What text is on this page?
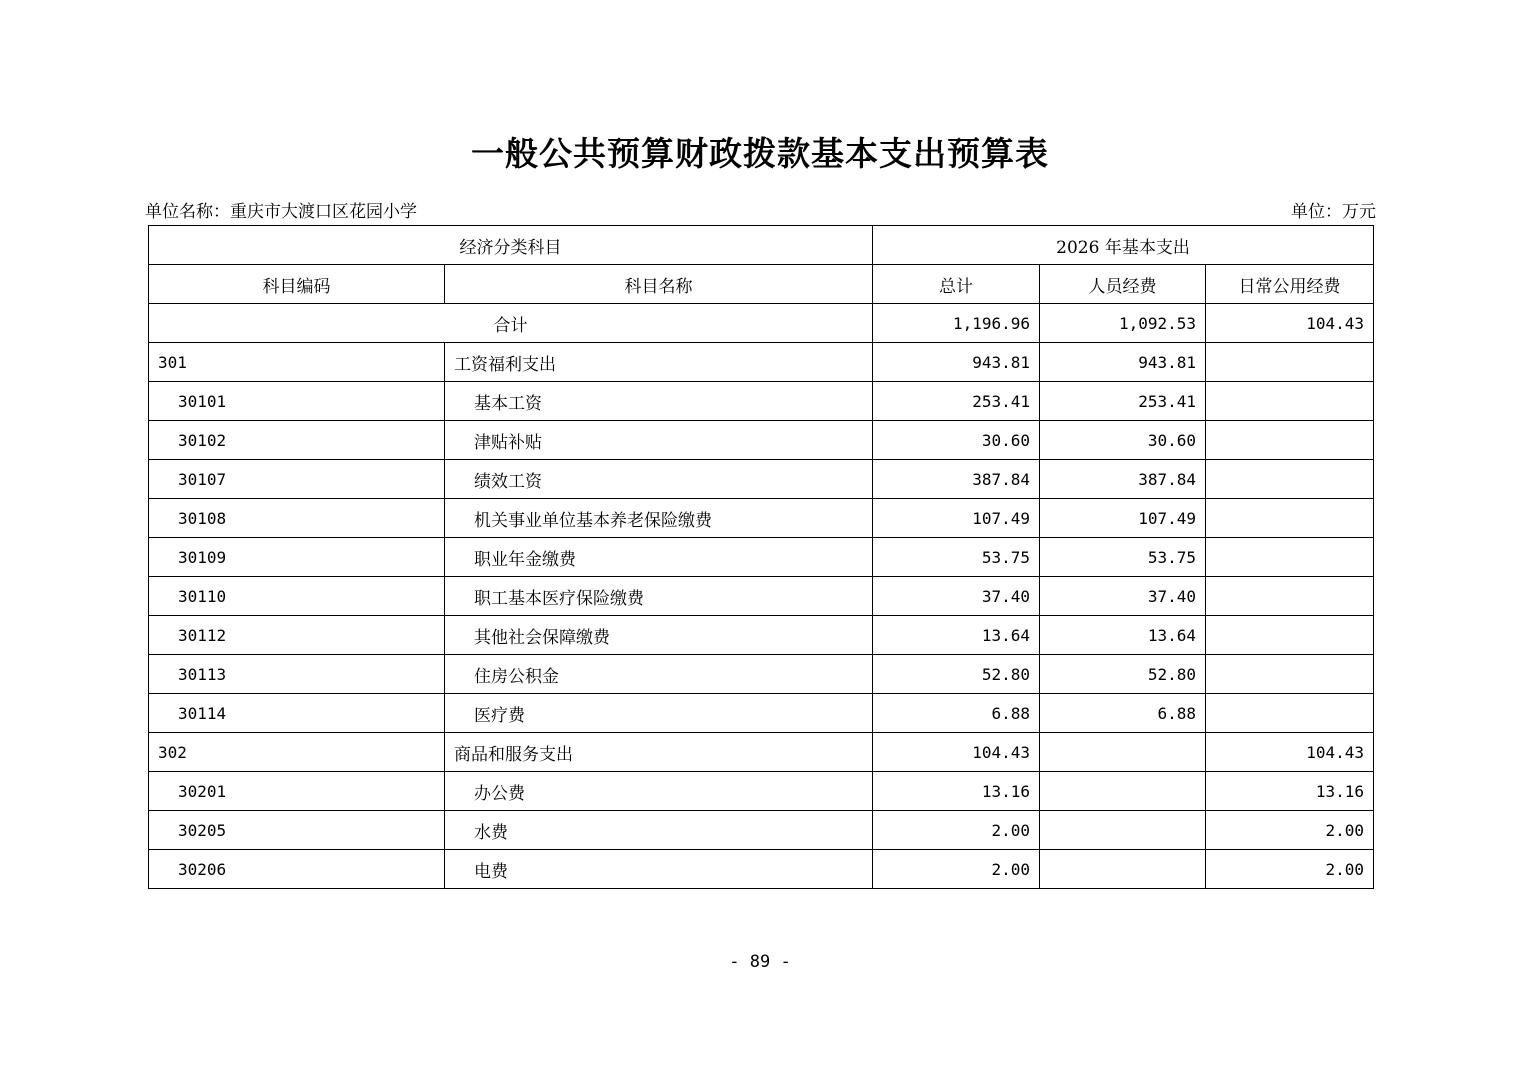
一般公共预算财政拨款基本支出预算表
单位名称：重庆市大渡口区花园小学	单位：万元
经济分类科目		2026 年基本支出		
科目编码	科目名称	总计	人员经费	日常公用经费
合计		1,196.96	1,092.53	104.43
301	工资福利支出	943.81	943.81	
30101	基本工资	253.41	253.41	
30102	津贴补贴	30.60	30.60	
30107	绩效工资	387.84	387.84	
30108	机关事业单位基本养老保险缴费	107.49	107.49	
30109	职业年金缴费	53.75	53.75	
30110	职工基本医疗保险缴费	37.40	37.40	
30112	其他社会保障缴费	13.64	13.64	
30113	住房公积金	52.80	52.80	
30114	医疗费	6.88	6.88	
302	商品和服务支出	104.43		104.43
30201	办公费	13.16		13.16
30205	水费	2.00		2.00
30206	电费	2.00		2.00
- 89 -
